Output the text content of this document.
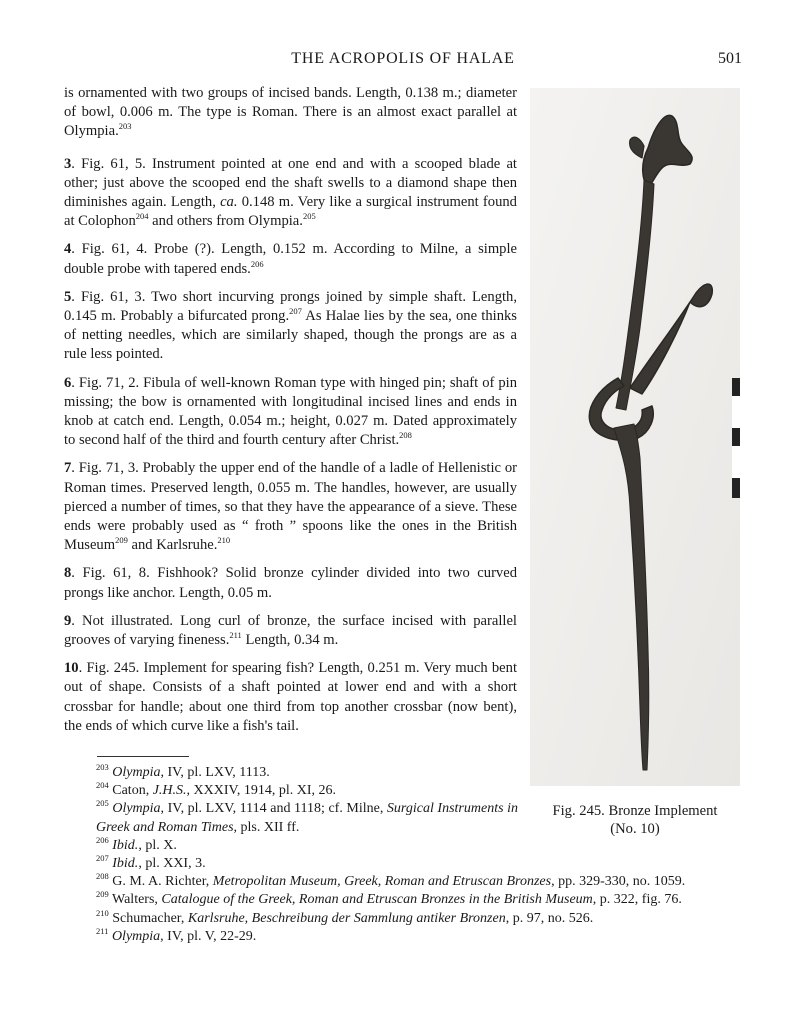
THE ACROPOLIS OF HALAE	501

is ornamented with two groups of incised bands. Length, 0.138 m.; diameter of bowl, 0.006 m. The type is Roman. There is an almost exact parallel at Olympia.$^{203}$

3. Fig. 61, 5. Instrument pointed at one end and with a scooped blade at other; just above the scooped end the shaft swells to a diamond shape then diminishes again. Length, ca. 0.148 m. Very like a surgical instrument found at Colophon$^{204}$ and others from Olympia.$^{205}$

4. Fig. 61, 4. Probe (?). Length, 0.152 m. According to Milne, a simple double probe with tapered ends.$^{206}$

5. Fig. 61, 3. Two short incurving prongs joined by simple shaft. Length, 0.145 m. Probably a bifurcated prong.$^{207}$ As Halae lies by the sea, one thinks of netting needles, which are similarly shaped, though the prongs are as a rule less pointed.

6. Fig. 71, 2. Fibula of well-known Roman type with hinged pin; shaft of pin missing; the bow is ornamented with longitudinal incised lines and ends in knob at catch end. Length, 0.054 m.; height, 0.027 m. Dated approximately to second half of the third and fourth century after Christ.$^{208}$

7. Fig. 71, 3. Probably the upper end of the handle of a ladle of Hellenistic or Roman times. Preserved length, 0.055 m. The handles, however, are usually pierced a number of times, so that they have the appearance of a sieve. These ends were probably used as “ froth ” spoons like the ones in the British Museum$^{209}$ and Karlsruhe.$^{210}$

8. Fig. 61, 8. Fishhook? Solid bronze cylinder divided into two curved prongs like anchor. Length, 0.05 m.

9. Not illustrated. Long curl of bronze, the surface incised with parallel grooves of varying fineness.$^{211}$ Length, 0.34 m.

10. Fig. 245. Implement for spearing fish? Length, 0.251 m. Very much bent out of shape. Consists of a shaft pointed at lower end and with a short crossbar for handle; about one third from top another crossbar (now bent), the ends of which curve like a fish's tail.

Fig. 245. Bronze Implement
(No. 10)

$^{203}$ Olympia, IV, pl. LXV, 1113.

$^{204}$ Caton, J.H.S., XXXIV, 1914, pl. XI, 26.

$^{205}$ Olympia, IV, pl. LXV, 1114 and 1118; cf. Milne, Surgical Instruments in Greek and Roman Times, pls. XII ff.

$^{206}$ Ibid., pl. X.

$^{207}$ Ibid., pl. XXI, 3.

$^{208}$ G. M. A. Richter, Metropolitan Museum, Greek, Roman and Etruscan Bronzes, pp. 329-330, no. 1059.

$^{209}$ Walters, Catalogue of the Greek, Roman and Etruscan Bronzes in the British Museum, p. 322, fig. 76.

$^{210}$ Schumacher, Karlsruhe, Beschreibung der Sammlung antiker Bronzen, p. 97, no. 526.

$^{211}$ Olympia, IV, pl. V, 22-29.
